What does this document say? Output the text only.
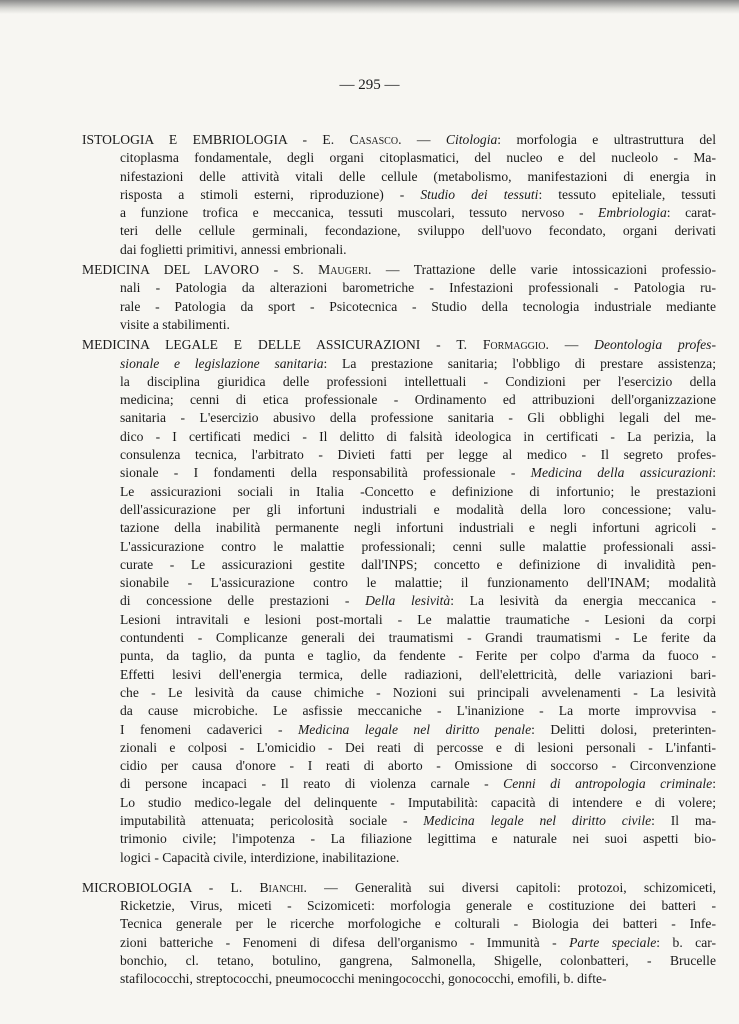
— 295 —
ISTOLOGIA E EMBRIOLOGIA - E. Casasco. — Citologia: morfologia e ultrastruttura del
citoplasma fondamentale, degli organi citoplasmatici, del nucleo e del nucleolo - Ma-
nifestazioni delle attività vitali delle cellule (metabolismo, manifestazioni di energia in
risposta a stimoli esterni, riproduzione) - Studio dei tessuti: tessuto epiteliale, tessuti
a funzione trofica e meccanica, tessuti muscolari, tessuto nervoso - Embriologia: carat-
teri delle cellule germinali, fecondazione, sviluppo dell'uovo fecondato, organi derivati
dai foglietti primitivi, annessi embrionali.
MEDICINA DEL LAVORO - S. Maugeri. — Trattazione delle varie intossicazioni professio-
nali - Patologia da alterazioni barometriche - Infestazioni professionali - Patologia ru-
rale - Patologia da sport - Psicotecnica - Studio della tecnologia industriale mediante
visite a stabilimenti.
MEDICINA LEGALE E DELLE ASSICURAZIONI - T. Formaggio. — Deontologia profes-
sionale e legislazione sanitaria: La prestazione sanitaria; l'obbligo di prestare assistenza;
la disciplina giuridica delle professioni intellettuali - Condizioni per l'esercizio della
medicina; cenni di etica professionale - Ordinamento ed attribuzioni dell'organizzazione
sanitaria - L'esercizio abusivo della professione sanitaria - Gli obblighi legali del me-
dico - I certificati medici - Il delitto di falsità ideologica in certificati - La perizia, la
consulenza tecnica, l'arbitrato - Divieti fatti per legge al medico - Il segreto profes-
sionale - I fondamenti della responsabilità professionale - Medicina della assicurazioni:
Le assicurazioni sociali in Italia -Concetto e definizione di infortunio; le prestazioni
dell'assicurazione per gli infortuni industriali e modalità della loro concessione; valu-
tazione della inabilità permanente negli infortuni industriali e negli infortuni agricoli -
L'assicurazione contro le malattie professionali; cenni sulle malattie professionali assi-
curate - Le assicurazioni gestite dall'INPS; concetto e definizione di invalidità pen-
sionabile - L'assicurazione contro le malattie; il funzionamento dell'INAM; modalità
di concessione delle prestazioni - Della lesività: La lesività da energia meccanica -
Lesioni intravitali e lesioni post-mortali - Le malattie traumatiche - Lesioni da corpi
contundenti - Complicanze generali dei traumatismi - Grandi traumatismi - Le ferite da
punta, da taglio, da punta e taglio, da fendente - Ferite per colpo d'arma da fuoco -
Effetti lesivi dell'energia termica, delle radiazioni, dell'elettricità, delle variazioni bari-
che - Le lesività da cause chimiche - Nozioni sui principali avvelenamenti - La lesività
da cause microbiche. Le asfissie meccaniche - L'inanizione - La morte improvvisa -
I fenomeni cadaverici - Medicina legale nel diritto penale: Delitti dolosi, preterinten-
zionali e colposi - L'omicidio - Dei reati di percosse e di lesioni personali - L'infanti-
cidio per causa d'onore - I reati di aborto - Omissione di soccorso - Circonvenzione
di persone incapaci - Il reato di violenza carnale - Cenni di antropologia criminale:
Lo studio medico-legale del delinquente - Imputabilità: capacità di intendere e di volere;
imputabilità attenuata; pericolosità sociale - Medicina legale nel diritto civile: Il ma-
trimonio civile; l'impotenza - La filiazione legittima e naturale nei suoi aspetti bio-
logici - Capacità civile, interdizione, inabilitazione.
MICROBIOLOGIA - L. Bianchi. — Generalità sui diversi capitoli: protozoi, schizomiceti,
Ricketzie, Virus, miceti - Scizomiceti: morfologia generale e costituzione dei batteri -
Tecnica generale per le ricerche morfologiche e colturali - Biologia dei batteri - Infe-
zioni batteriche - Fenomeni di difesa dell'organismo - Immunità - Parte speciale: b. car-
bonchio, cl. tetano, botulino, gangrena, Salmonella, Shigelle, colonbatteri, - Brucelle
stafilococchi, streptococchi, pneumococchi meningococchi, gonococchi, emofili, b. difte-
